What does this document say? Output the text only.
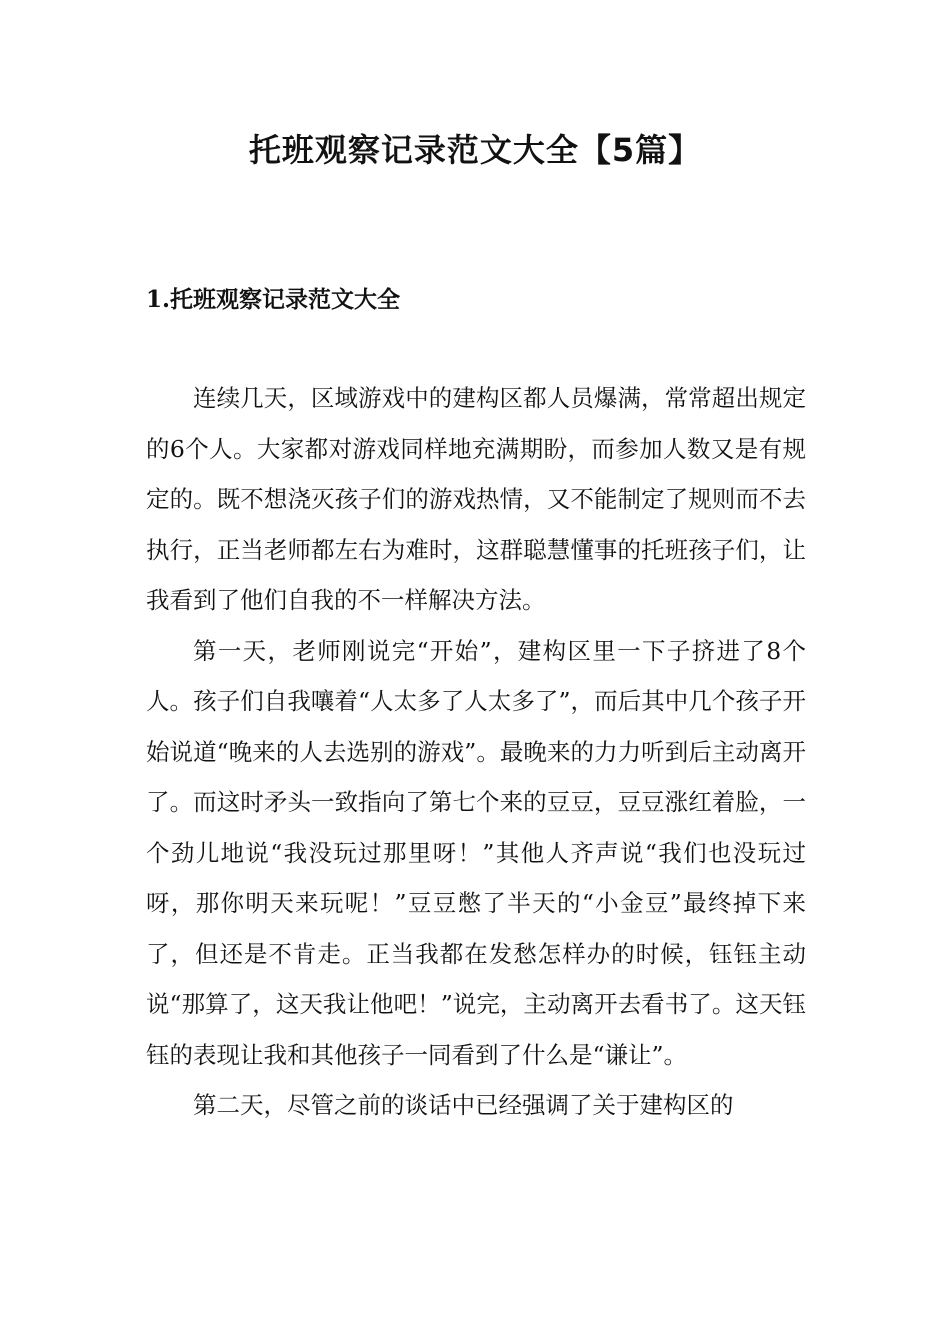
托班观察记录范文大全【5篇】
1.托班观察记录范文大全

连续几天，区域游戏中的建构区都人员爆满，常常超出规定的6个人。大家都对游戏同样地充满期盼，而参加人数又是有规定的。既不想浇灭孩子们的游戏热情，又不能制定了规则而不去执行，正当老师都左右为难时，这群聪慧懂事的托班孩子们，让我看到了他们自我的不一样解决方法。

第一天，老师刚说完“开始”，建构区里一下子挤进了8个人。孩子们自我嚷着“人太多了人太多了”，而后其中几个孩子开始说道“晚来的人去选别的游戏”。最晚来的力力听到后主动离开了。而这时矛头一致指向了第七个来的豆豆，豆豆涨红着脸，一个劲儿地说“我没玩过那里呀！”其他人齐声说“我们也没玩过呀，那你明天来玩呢！”豆豆憋了半天的“小金豆”最终掉下来了，但还是不肯走。正当我都在发愁怎样办的时候，钰钰主动说“那算了，这天我让他吧！”说完，主动离开去看书了。这天钰钰的表现让我和其他孩子一同看到了什么是“谦让”。

第二天，尽管之前的谈话中已经强调了关于建构区的
